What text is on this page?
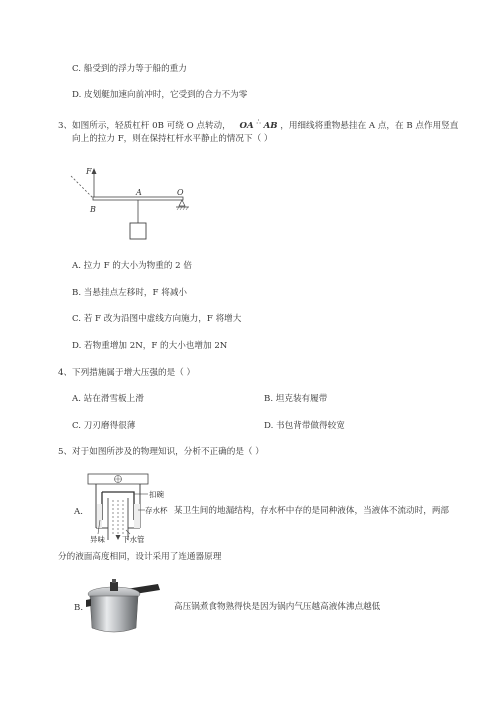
C. 船受到的浮力等于船的重力
D. 皮划艇加速向前冲时，它受到的合力不为零
3、如图所示，轻质杠杆 0B 可绕 O 点转动， OA ∴ AB ，用细线将重物悬挂在 A 点，在 B 点作用竖直
向上的拉力 F，则在保持杠杆水平静止的情况下（ ）
F
B
A	O
A. 拉力 F 的大小为物重的 2 倍
B. 当悬挂点左移时，F 将减小
C. 若 F 改为沿图中虚线方向施力，F 将增大
D. 若物重增加 2N，F 的大小也增加 2N
4、下列措施属于增大压强的是（ ）
A. 站在滑雪板上滑	B. 坦克装有履带
C. 刀刃磨得很薄	D. 书包背带做得较宽
5、对于如图所涉及的物理知识，分析不正确的是（ ）
扣碗
存水杯
异味 下水管
A.	某卫生间的地漏结构，存水杯中存的是同种液体，当液体不流动时，两部
分的液面高度相同，设计采用了连通器原理
B.	高压锅煮食物熟得快是因为锅内气压越高液体沸点越低
